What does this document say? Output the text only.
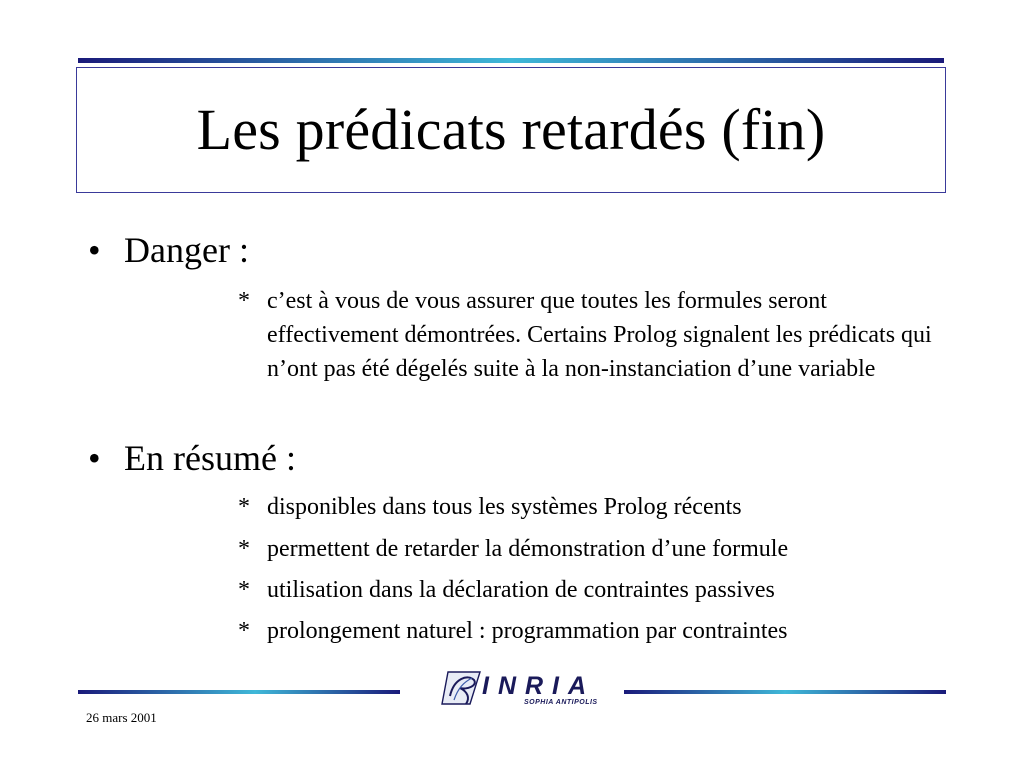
Les prédicats retardés (fin)
• Danger :
* c’est à vous de vous assurer que toutes les formules seront effectivement démontrées. Certains Prolog signalent les prédicats qui n’ont pas été dégelés suite à la non-instanciation d’une variable
• En résumé :
* disponibles dans tous les systèmes Prolog récents
* permettent de retarder la démonstration d’une formule
* utilisation dans la déclaration de contraintes passives
* prolongement naturel : programmation par contraintes
INRIA
SOPHIA ANTIPOLIS
26 mars 2001
